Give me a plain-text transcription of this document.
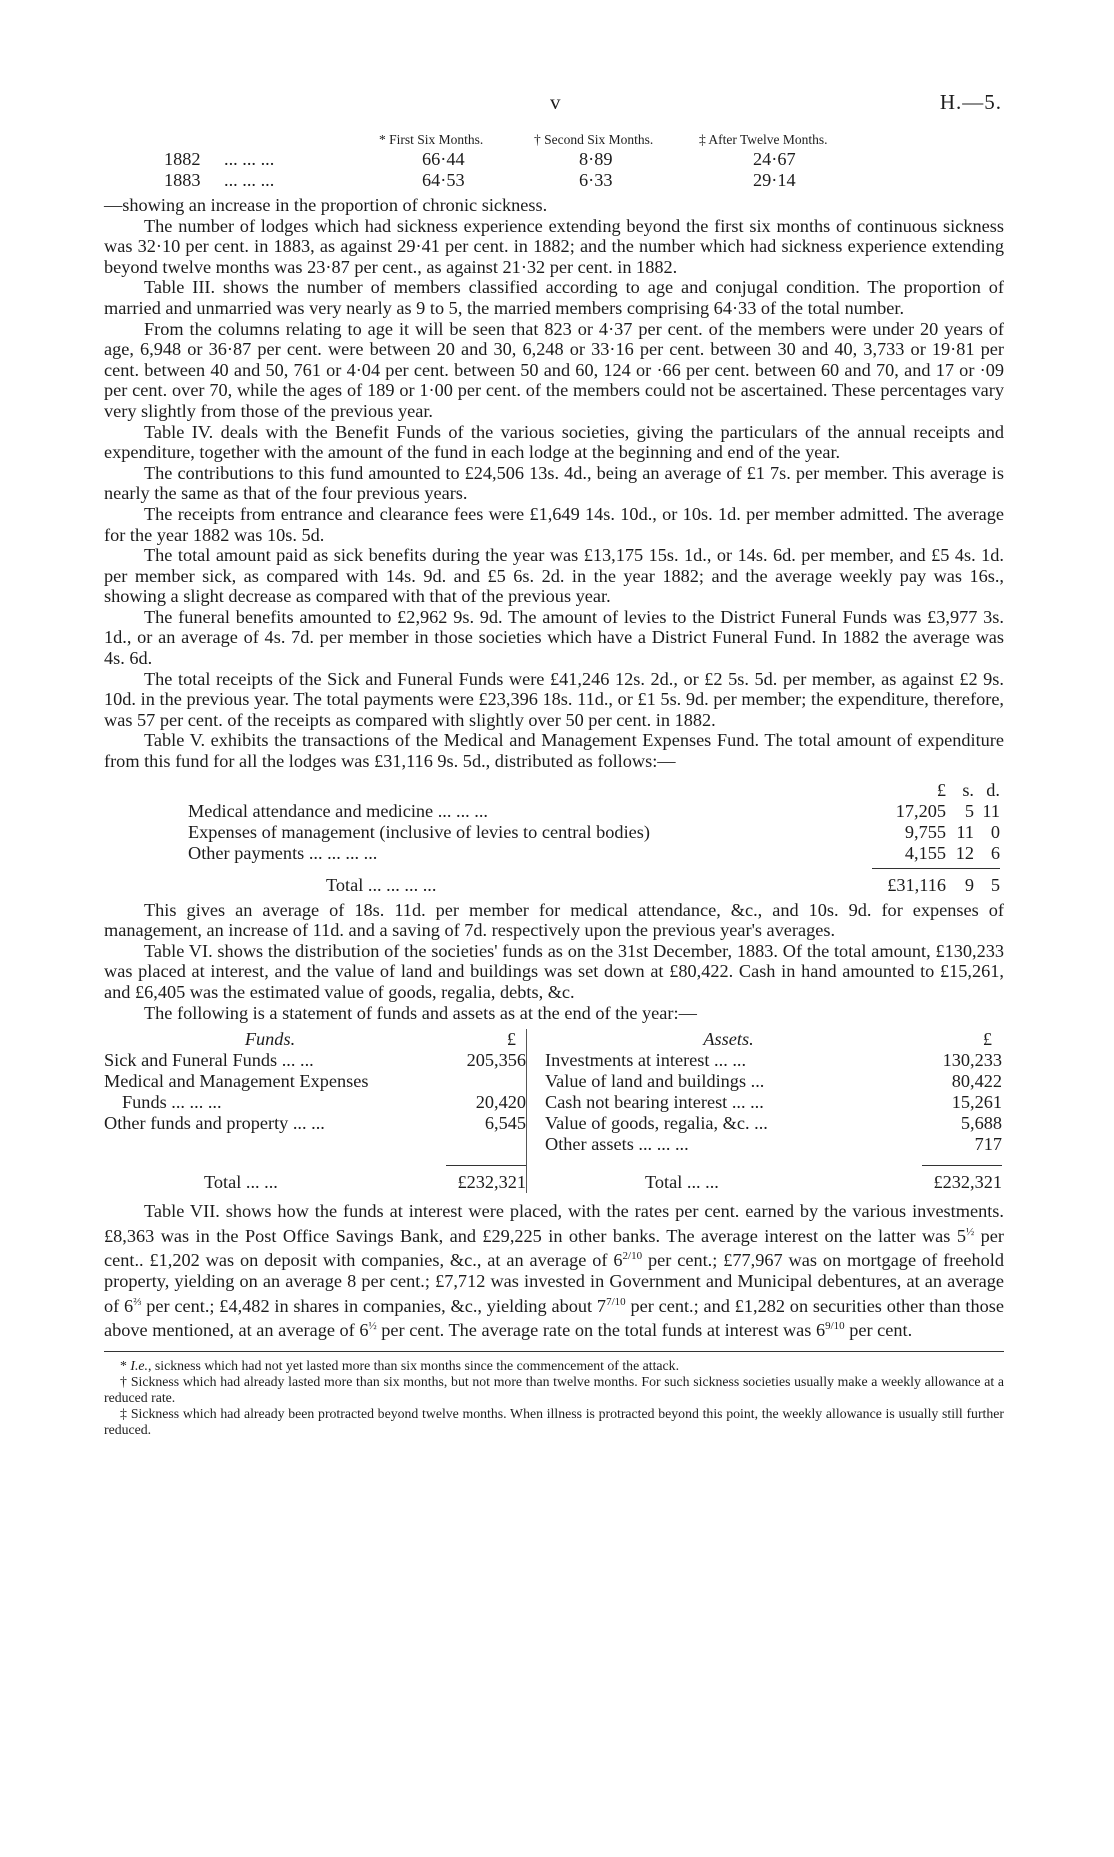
v	H.—5.
* First Six Months.	† Second Six Months.	‡ After Twelve Months.
1882 ... ... ...	66·44	8·89	24·67
1883 ... ... ...	64·53	6·33	29·14

—showing an increase in the proportion of chronic sickness.

The number of lodges which had sickness experience extending beyond the first six months of continuous sickness was 32·10 per cent. in 1883, as against 29·41 per cent. in 1882; and the number which had sickness experience extending beyond twelve months was 23·87 per cent., as against 21·32 per cent. in 1882.

Table III. shows the number of members classified according to age and conjugal condition. The proportion of married and unmarried was very nearly as 9 to 5, the married members comprising 64·33 of the total number.

From the columns relating to age it will be seen that 823 or 4·37 per cent. of the members were under 20 years of age, 6,948 or 36·87 per cent. were between 20 and 30, 6,248 or 33·16 per cent. between 30 and 40, 3,733 or 19·81 per cent. between 40 and 50, 761 or 4·04 per cent. between 50 and 60, 124 or ·66 per cent. between 60 and 70, and 17 or ·09 per cent. over 70, while the ages of 189 or 1·00 per cent. of the members could not be ascertained. These percentages vary very slightly from those of the previous year.

Table IV. deals with the Benefit Funds of the various societies, giving the particulars of the annual receipts and expenditure, together with the amount of the fund in each lodge at the beginning and end of the year.

The contributions to this fund amounted to £24,506 13s. 4d., being an average of £1 7s. per member. This average is nearly the same as that of the four previous years.

The receipts from entrance and clearance fees were £1,649 14s. 10d., or 10s. 1d. per member admitted. The average for the year 1882 was 10s. 5d.

The total amount paid as sick benefits during the year was £13,175 15s. 1d., or 14s. 6d. per member, and £5 4s. 1d. per member sick, as compared with 14s. 9d. and £5 6s. 2d. in the year 1882; and the average weekly pay was 16s., showing a slight decrease as compared with that of the previous year.

The funeral benefits amounted to £2,962 9s. 9d. The amount of levies to the District Funeral Funds was £3,977 3s. 1d., or an average of 4s. 7d. per member in those societies which have a District Funeral Fund. In 1882 the average was 4s. 6d.

The total receipts of the Sick and Funeral Funds were £41,246 12s. 2d., or £2 5s. 5d. per member, as against £2 9s. 10d. in the previous year. The total payments were £23,396 18s. 11d., or £1 5s. 9d. per member; the expenditure, therefore, was 57 per cent. of the receipts as compared with slightly over 50 per cent. in 1882.

Table V. exhibits the transactions of the Medical and Management Expenses Fund. The total amount of expenditure from this fund for all the lodges was £31,116 9s. 5d., distributed as follows:—

£ s. d.
Medical attendance and medicine ... ... ...	17,205 5 11
Expenses of management (inclusive of levies to central bodies)	9,755 11 0
Other payments ... ... ... ...	4,155 12 6
Total ... ... ... ...	£31,116 9 5

This gives an average of 18s. 11d. per member for medical attendance, &c., and 10s. 9d. for expenses of management, an increase of 11d. and a saving of 7d. respectively upon the previous year's averages.

Table VI. shows the distribution of the societies' funds as on the 31st December, 1883. Of the total amount, £130,233 was placed at interest, and the value of land and buildings was set down at £80,422. Cash in hand amounted to £15,261, and £6,405 was the estimated value of goods, regalia, debts, &c.

The following is a statement of funds and assets as at the end of the year:—

Funds.	£
Sick and Funeral Funds ... ...	205,356
Medical and Management Expenses
Funds ... ... ...	20,420
Other funds and property ... ...	6,545
Total ... ...	£232,321
Assets.	£
Investments at interest ... ...	130,233
Value of land and buildings ...	80,422
Cash not bearing interest ... ...	15,261
Value of goods, regalia, &c. ...	5,688
Other assets ... ... ...	717
Total ... ...	£232,321

Table VII. shows how the funds at interest were placed, with the rates per cent. earned by the various investments. £8,363 was in the Post Office Savings Bank, and £29,225 in other banks. The average interest on the latter was $5^{\frac{1}{2}}$ per cent.. £1,202 was on deposit with companies, &c., at an average of $6^{2/10}$ per cent.; £77,967 was on mortgage of freehold property, yielding on an average 8 per cent.; £7,712 was invested in Government and Municipal debentures, at an average of $6^{\frac{2}{3}}$ per cent.; £4,482 in shares in companies, &c., yielding about $7^{7/10}$ per cent.; and £1,282 on securities other than those above mentioned, at an average of $6^{\frac{1}{2}}$ per cent. The average rate on the total funds at interest was $6^{9/10}$ per cent.

* I.e., sickness which had not yet lasted more than six months since the commencement of the attack.
† Sickness which had already lasted more than six months, but not more than twelve months. For such sickness societies usually make a weekly allowance at a reduced rate.
‡ Sickness which had already been protracted beyond twelve months. When illness is protracted beyond this point, the weekly allowance is usually still further reduced.
